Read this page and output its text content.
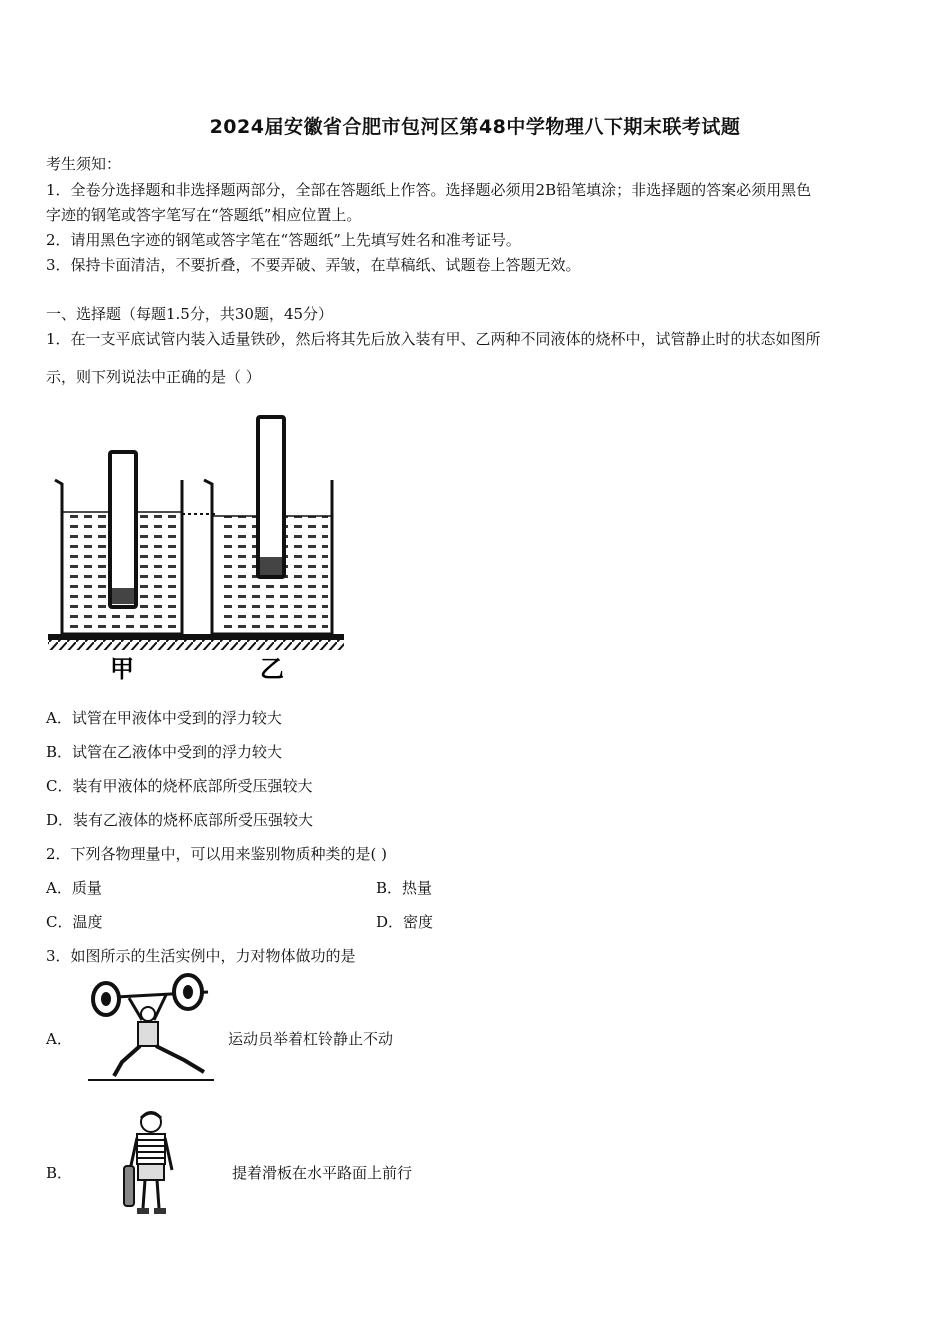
2024届安徽省合肥市包河区第48中学物理八下期末联考试题
考生须知：
1．全卷分选择题和非选择题两部分，全部在答题纸上作答。选择题必须用2B铅笔填涂；非选择题的答案必须用黑色
字迹的钢笔或答字笔写在“答题纸”相应位置上。
2．请用黑色字迹的钢笔或答字笔在“答题纸”上先填写姓名和准考证号。
3．保持卡面清洁，不要折叠，不要弄破、弄皱，在草稿纸、试题卷上答题无效。
一、选择题（每题1.5分，共30题，45分）
1．在一支平底试管内装入适量铁砂，然后将其先后放入装有甲、乙两种不同液体的烧杯中，试管静止时的状态如图所
示，则下列说法中正确的是（ ）
甲	乙
A．试管在甲液体中受到的浮力较大
B．试管在乙液体中受到的浮力较大
C．装有甲液体的烧杯底部所受压强较大
D．装有乙液体的烧杯底部所受压强较大
2．下列各物理量中，可以用来鉴别物质种类的是( )
A．质量	B．热量
C．温度	D．密度
3．如图所示的生活实例中，力对物体做功的是
A．	运动员举着杠铃静止不动
B．	提着滑板在水平路面上前行
